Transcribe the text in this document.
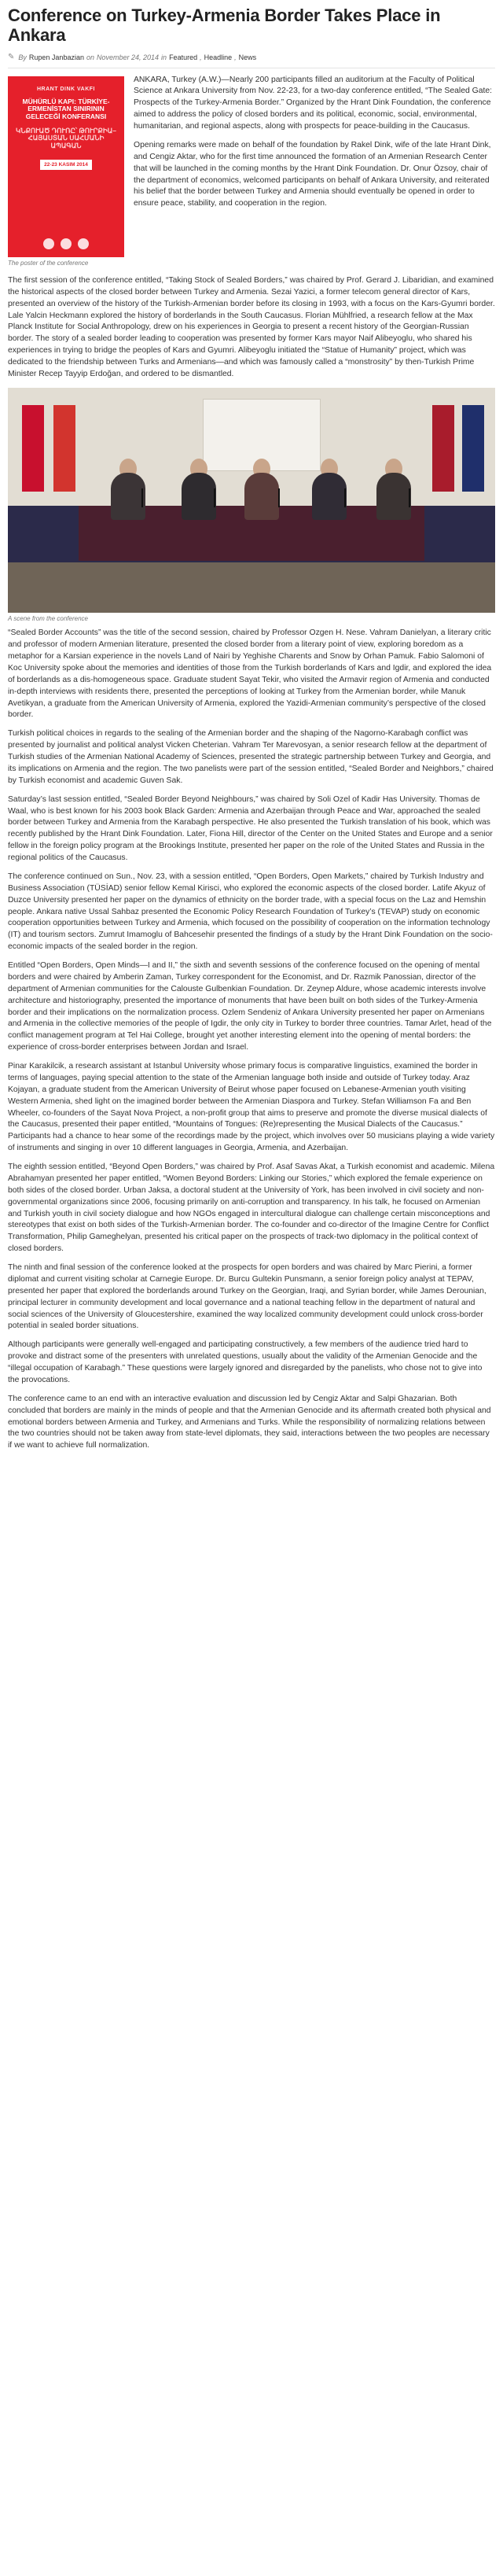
Conference on Turkey-Armenia Border Takes Place in Ankara
✎ By Rupen Janbazian on November 24, 2014 in Featured , Headline , News
HRANT DINK VAKFI
MÜHÜRLÜ KAPI: TÜRKİYE-ERMENİSTAN SINIRININ GELECEĞİ KONFERANSI
ԿՆՔՈՒԱԾ ԴՈՒՌԸ՝ ԹՈՒՐՔԻԱ–ՀԱՅԱՍՏԱՆ ՍԱՀՄԱՆԻ ԱՊԱԳԱՆ
22-23 KASIM 2014
The poster of the conference

ANKARA, Turkey (A.W.)—Nearly 200 participants filled an auditorium at the Faculty of Political Science at Ankara University from Nov. 22-23, for a two-day conference entitled, “The Sealed Gate: Prospects of the Turkey-Armenia Border.” Organized by the Hrant Dink Foundation, the conference aimed to address the policy of closed borders and its political, economic, social, environmental, humanitarian, and regional aspects, along with prospects for peace-building in the Caucasus.

Opening remarks were made on behalf of the foundation by Rakel Dink, wife of the late Hrant Dink, and Cengiz Aktar, who for the first time announced the formation of an Armenian Research Center that will be launched in the coming months by the Hrant Dink Foundation. Dr. Onur Özsoy, chair of the department of economics, welcomed participants on behalf of Ankara University, and reiterated his belief that the border between Turkey and Armenia should eventually be opened in order to ensure peace, stability, and cooperation in the region.

The first session of the conference entitled, “Taking Stock of Sealed Borders,” was chaired by Prof. Gerard J. Libaridian, and examined the historical aspects of the closed border between Turkey and Armenia. Sezai Yazici, a former telecom general director of Kars, presented an overview of the history of the Turkish-Armenian border before its closing in 1993, with a focus on the Kars-Gyumri border. Lale Yalcin Heckmann explored the history of borderlands in the South Caucasus. Florian Mühlfried, a research fellow at the Max Planck Institute for Social Anthropology, drew on his experiences in Georgia to present a recent history of the Georgian-Russian border. The story of a sealed border leading to cooperation was presented by former Kars mayor Naif Alibeyoglu, who shared his experiences in trying to bridge the peoples of Kars and Gyumri. Alibeyoglu initiated the “Statue of Humanity” project, which was dedicated to the friendship between Turks and Armenians—and which was famously called a “monstrosity” by then-Turkish Prime Minister Recep Tayyip Erdoğan, and ordered to be dismantled.

A scene from the conference

“Sealed Border Accounts” was the title of the second session, chaired by Professor Ozgen H. Nese. Vahram Danielyan, a literary critic and professor of modern Armenian literature, presented the closed border from a literary point of view, exploring boredom as a metaphor for a Karsian experience in the novels Land of Nairi by Yeghishe Charents and Snow by Orhan Pamuk. Fabio Salomoni of Koc University spoke about the memories and identities of those from the Turkish borderlands of Kars and Igdir, and explored the idea of borderlands as a dis-homogeneous space. Graduate student Sayat Tekir, who visited the Armavir region of Armenia and conducted in-depth interviews with residents there, presented the perceptions of looking at Turkey from the Armenian border, while Manuk Avetikyan, a graduate from the American University of Armenia, explored the Yazidi-Armenian community’s perspective of the closed border.

Turkish political choices in regards to the sealing of the Armenian border and the shaping of the Nagorno-Karabagh conflict was presented by journalist and political analyst Vicken Cheterian. Vahram Ter Marevosyan, a senior research fellow at the department of Turkish studies of the Armenian National Academy of Sciences, presented the strategic partnership between Turkey and Georgia, and its implications on Armenia and the region. The two panelists were part of the session entitled, “Sealed Border and Neighbors,” chaired by Turkish economist and academic Guven Sak.

Saturday’s last session entitled, “Sealed Border Beyond Neighbours,” was chaired by Soli Ozel of Kadir Has University. Thomas de Waal, who is best known for his 2003 book Black Garden: Armenia and Azerbaijan through Peace and War, approached the sealed border between Turkey and Armenia from the Karabagh perspective. He also presented the Turkish translation of his book, which was recently published by the Hrant Dink Foundation. Later, Fiona Hill, director of the Center on the United States and Europe and a senior fellow in the foreign policy program at the Brookings Institute, presented her paper on the role of the United States and Russia in the regional politics of the Caucasus.

The conference continued on Sun., Nov. 23, with a session entitled, “Open Borders, Open Markets,” chaired by Turkish Industry and Business Association (TÜSİAD) senior fellow Kemal Kirisci, who explored the economic aspects of the closed border. Latife Akyuz of Duzce University presented her paper on the dynamics of ethnicity on the border trade, with a special focus on the Laz and Hemshin people. Ankara native Ussal Sahbaz presented the Economic Policy Research Foundation of Turkey’s (TEVAP) study on economic cooperation opportunities between Turkey and Armenia, which focused on the possibility of cooperation on the information technology (IT) and tourism sectors. Zumrut Imamoglu of Bahcesehir presented the findings of a study by the Hrant Dink Foundation on the socio-economic impacts of the sealed border in the region.

Entitled “Open Borders, Open Minds—I and II,” the sixth and seventh sessions of the conference focused on the opening of mental borders and were chaired by Amberin Zaman, Turkey correspondent for the Economist, and Dr. Razmik Panossian, director of the department of Armenian communities for the Calouste Gulbenkian Foundation. Dr. Zeynep Aldure, whose academic interests involve architecture and historiography, presented the importance of monuments that have been built on both sides of the Turkey-Armenia border and their implications on the normalization process. Ozlem Sendeniz of Ankara University presented her paper on Armenians and Armenia in the collective memories of the people of Igdir, the only city in Turkey to border three countries. Tamar Arlet, head of the conflict management program at Tel Hai College, brought yet another interesting element into the opening of mental borders: the experience of cross-border enterprises between Jordan and Israel.

Pinar Karakilcik, a research assistant at Istanbul University whose primary focus is comparative linguistics, examined the border in terms of languages, paying special attention to the state of the Armenian language both inside and outside of Turkey today. Araz Kojayan, a graduate student from the American University of Beirut whose paper focused on Lebanese-Armenian youth visiting Western Armenia, shed light on the imagined border between the Armenian Diaspora and Turkey. Stefan Williamson Fa and Ben Wheeler, co-founders of the Sayat Nova Project, a non-profit group that aims to preserve and promote the diverse musical dialects of the Caucasus, presented their paper entitled, “Mountains of Tongues: (Re)representing the Musical Dialects of the Caucasus.” Participants had a chance to hear some of the recordings made by the project, which involves over 50 musicians playing a wide variety of instruments and singing in over 10 different languages in Georgia, Armenia, and Azerbaijan.

The eighth session entitled, “Beyond Open Borders,” was chaired by Prof. Asaf Savas Akat, a Turkish economist and academic. Milena Abrahamyan presented her paper entitled, “Women Beyond Borders: Linking our Stories,” which explored the female experience on both sides of the closed border. Urban Jaksa, a doctoral student at the University of York, has been involved in civil society and non-governmental organizations since 2006, focusing primarily on anti-corruption and transparency. In his talk, he focused on Armenian and Turkish youth in civil society dialogue and how NGOs engaged in intercultural dialogue can challenge certain misconceptions and stereotypes that exist on both sides of the Turkish-Armenian border. The co-founder and co-director of the Imagine Centre for Conflict Transformation, Philip Gameghelyan, presented his critical paper on the prospects of track-two diplomacy in the political context of closed borders.

The ninth and final session of the conference looked at the prospects for open borders and was chaired by Marc Pierini, a former diplomat and current visiting scholar at Carnegie Europe. Dr. Burcu Gultekin Punsmann, a senior foreign policy analyst at TEPAV, presented her paper that explored the borderlands around Turkey on the Georgian, Iraqi, and Syrian border, while James Derounian, principal lecturer in community development and local governance and a national teaching fellow in the department of natural and social sciences of the University of Gloucestershire, examined the way localized community development could unlock cross-border potential in sealed border situations.

Although participants were generally well-engaged and participating constructively, a few members of the audience tried hard to provoke and distract some of the presenters with unrelated questions, usually about the validity of the Armenian Genocide and the “illegal occupation of Karabagh.” These questions were largely ignored and disregarded by the panelists, who chose not to give into the provocations.

The conference came to an end with an interactive evaluation and discussion led by Cengiz Aktar and Salpi Ghazarian. Both concluded that borders are mainly in the minds of people and that the Armenian Genocide and its aftermath created both physical and emotional borders between Armenia and Turkey, and Armenians and Turks. While the responsibility of normalizing relations between the two countries should not be taken away from state-level diplomats, they said, interactions between the two peoples are necessary if we want to achieve full normalization.
